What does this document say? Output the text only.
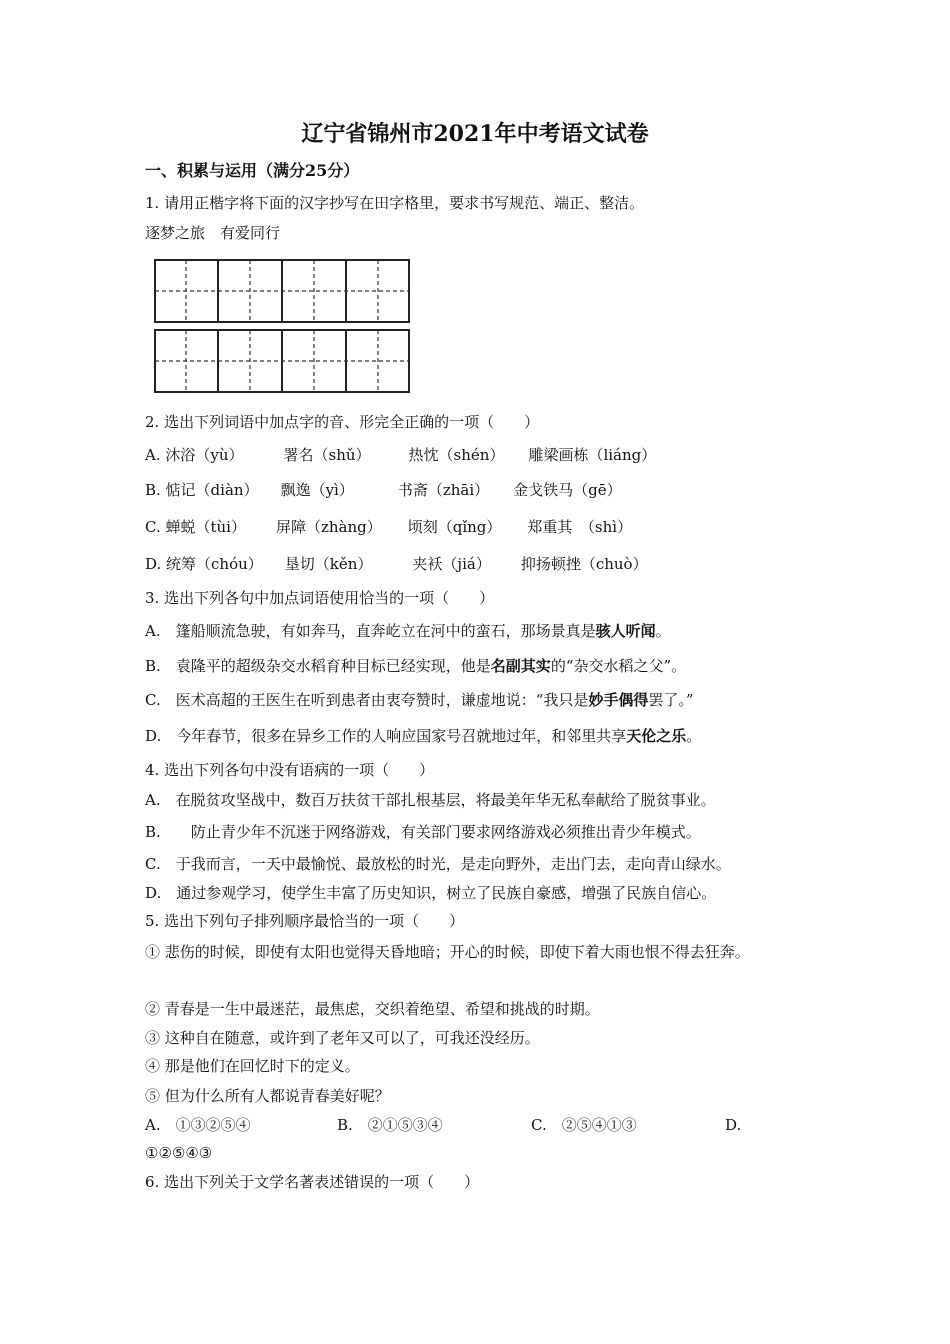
辽宁省锦州市2021年中考语文试卷
一、积累与运用（满分25分）
1. 请用正楷字将下面的汉字抄写在田字格里，要求书写规范、端正、整洁。
逐梦之旅　有爱同行
2. 选出下列词语中加点字的音、形完全正确的一项（　　）
A. 沐浴（yù）	署名（shǔ）	热忱（shén） 雕梁画栋（liáng）
B. 惦记（diàn） 飘逸（yì）	书斋（zhāi） 金戈铁马（gē）
C. 蝉蜕（tùi） 屏障（zhàng） 顷刻（qǐng） 郑重其　（shì）
D. 统筹（chóu） 垦切（kěn）	夹袄（jiá） 抑扬顿挫（chuò）
3. 选出下列各句中加点词语使用恰当的一项（　　）
A.　篷船顺流急驶，有如奔马，直奔屹立在河中的蛮石，那场景真是骇人听闻。
B.　袁隆平的超级杂交水稻育种目标已经实现，他是名副其实的“杂交水稻之父”。
C.　医术高超的王医生在听到患者由衷夸赞时，谦虚地说：“我只是妙手偶得罢了。”
D.　今年春节，很多在异乡工作的人响应国家号召就地过年，和邻里共享天伦之乐。
4. 选出下列各句中没有语病的一项（　　）
A.　在脱贫攻坚战中，数百万扶贫干部扎根基层，将最美年华无私奉献给了脱贫事业。
B.　　防止青少年不沉迷于网络游戏，有关部门要求网络游戏必须推出青少年模式。
C.　于我而言，一天中最愉悦、最放松的时光，是走向野外，走出门去，走向青山绿水。
D.　通过参观学习，使学生丰富了历史知识，树立了民族自豪感，增强了民族自信心。
5. 选出下列句子排列顺序最恰当的一项（　　）
① 悲伤的时候，即使有太阳也觉得天昏地暗；开心的时候，即使下着大雨也恨不得去狂奔。
② 青春是一生中最迷茫，最焦虑，交织着绝望、希望和挑战的时期。
③ 这种自在随意，或许到了老年又可以了，可我还没经历。
④ 那是他们在回忆时下的定义。
⑤ 但为什么所有人都说青春美好呢？
A.　①③②⑤④	B.　②①⑤③④	C.　②⑤④①③	D.
①②⑤④③
6. 选出下列关于文学名著表述错误的一项（　　）
